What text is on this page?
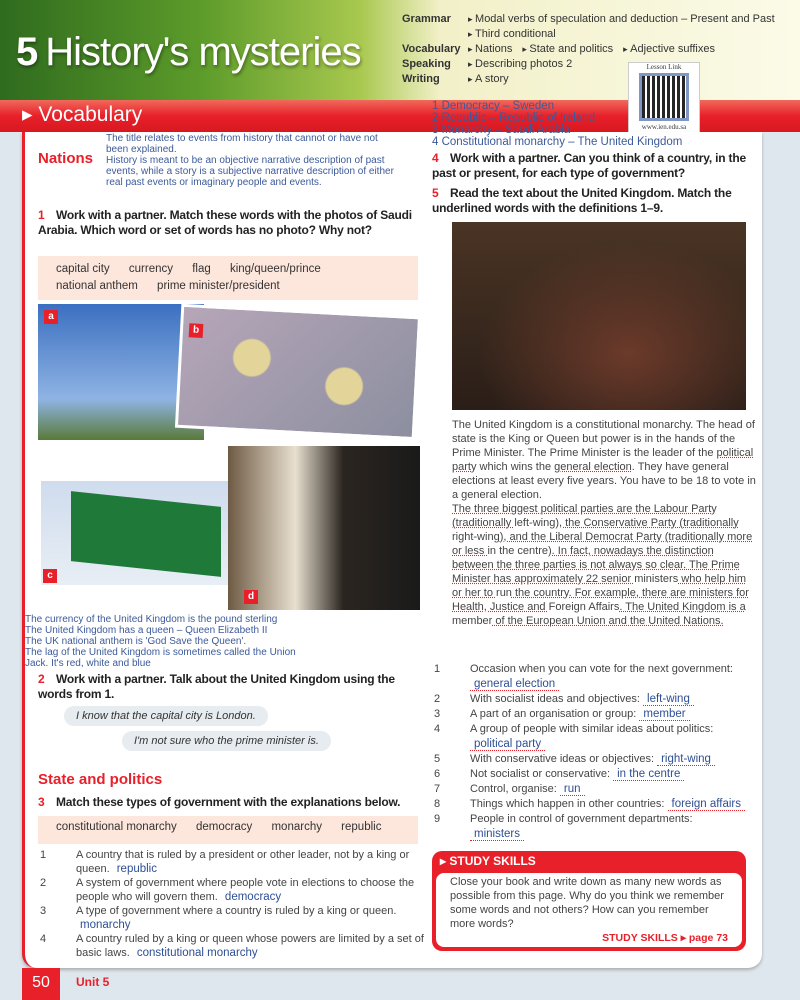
5 History's mysteries
Grammar	▸ Modal verbs of speculation and deduction – Present and Past
▸ Third conditional
Vocabulary	▸ Nations	▸ State and politics	▸ Adjective suffixes
Speaking	▸ Describing photos 2
Writing	▸ A story
▸ Vocabulary
Lesson Link
www.ien.edu.sa
The title relates to events from history that cannot or have not
been explained.
History is meant to be an objective narrative description of past
events, while a story is a subjective narrative description of either
real past events or imaginary people and events.
1 Democracy – Sweden
2 Republic – Republic of Ireland
3 Monarchy – Saudi Arabia
4 Constitutional monarchy – The United Kingdom
Nations
1 Work with a partner. Match these words with the photos of Saudi Arabia. Which word or set of words has no photo? Why not?
capital city currency flag king/queen/prince national anthem prime minister/president
a
b
c
d
The currency of the United Kingdom is the pound sterling
The United Kingdom has a queen – Queen Elizabeth II
The UK national anthem is 'God Save the Queen'.
The lag of the United Kingdom is sometimes called the Union
Jack. It's red, white and blue
2 Work with a partner. Talk about the United Kingdom using the words from 1.
I know that the capital city is London.
I'm not sure who the prime minister is.
State and politics
3 Match these types of government with the explanations below.
constitutional monarchy democracy monarchy republic
1	A country that is ruled by a president or other leader, not by a king or queen. republic
2	A system of government where people vote in elections to choose the people who will govern them. democracy
3	A type of government where a country is ruled by a king or queen. monarchy
4	A country ruled by a king or queen whose powers are limited by a set of basic laws. constitutional monarchy
4 Work with a partner. Can you think of a country, in the past or present, for each type of government?
5 Read the text about the United Kingdom. Match the underlined words with the definitions 1–9.
The United Kingdom is a constitutional monarchy. The head of state is the King or Queen but power is in the hands of the Prime Minister. The Prime Minister is the leader of the political party which wins the general election. They have general elections at least every five years. You have to be 18 to vote in a general election.
The three biggest political parties are the Labour Party (traditionally left-wing), the Conservative Party (traditionally right-wing), and the Liberal Democrat Party (traditionally more or less in the centre). In fact, nowadays the distinction between the three parties is not always so clear. The Prime Minister has approximately 22 senior ministers who help him or her to run the country. For example, there are ministers for Health, Justice and Foreign Affairs. The United Kingdom is a member of the European Union and the United Nations.
1	Occasion when you can vote for the next government:
general election
2	With socialist ideas and objectives: left-wing
3	A part of an organisation or group: member
4	A group of people with similar ideas about politics:
political party
5	With conservative ideas or objectives: right-wing
6	Not socialist or conservative: in the centre
7	Control, organise: run
8	Things which happen in other countries: foreign affairs
9	People in control of government departments:
ministers
▸ STUDY SKILLS
Close your book and write down as many new words as possible from this page. Why do you think we remember some words and not others? How can you remember more words?
STUDY SKILLS ▸ page 73
50	Unit 5
